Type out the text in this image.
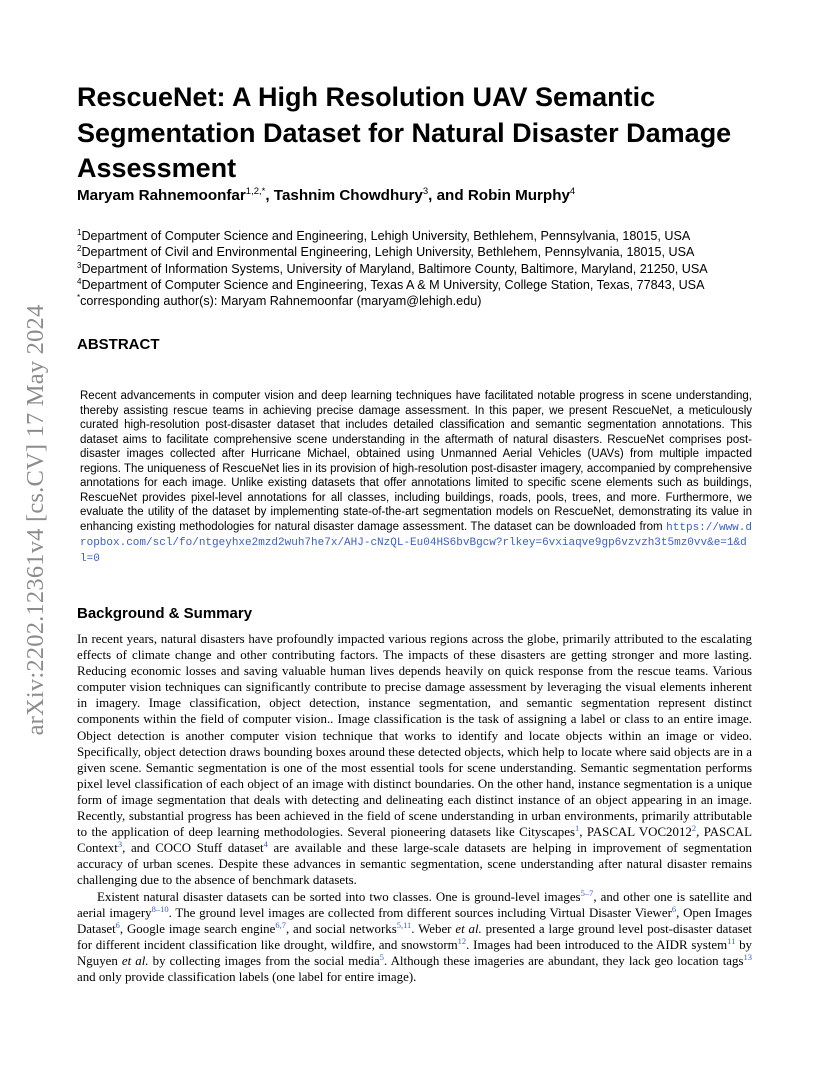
arXiv:2202.12361v4 [cs.CV] 17 May 2024
RescueNet: A High Resolution UAV Semantic Segmentation Dataset for Natural Disaster Damage Assessment
Maryam Rahnemoonfar$^{1,2,*}$, Tashnim Chowdhury$^3$, and Robin Murphy$^4$
$^1$Department of Computer Science and Engineering, Lehigh University, Bethlehem, Pennsylvania, 18015, USA
$^2$Department of Civil and Environmental Engineering, Lehigh University, Bethlehem, Pennsylvania, 18015, USA
$^3$Department of Information Systems, University of Maryland, Baltimore County, Baltimore, Maryland, 21250, USA
$^4$Department of Computer Science and Engineering, Texas A & M University, College Station, Texas, 77843, USA
*corresponding author(s): Maryam Rahnemoonfar (maryam@lehigh.edu)
ABSTRACT

Recent advancements in computer vision and deep learning techniques have facilitated notable progress in scene understanding, thereby assisting rescue teams in achieving precise damage assessment. In this paper, we present RescueNet, a meticulously curated high-resolution post-disaster dataset that includes detailed classification and semantic segmentation annotations. This dataset aims to facilitate comprehensive scene understanding in the aftermath of natural disasters. RescueNet comprises post-disaster images collected after Hurricane Michael, obtained using Unmanned Aerial Vehicles (UAVs) from multiple impacted regions. The uniqueness of RescueNet lies in its provision of high-resolution post-disaster imagery, accompanied by comprehensive annotations for each image. Unlike existing datasets that offer annotations limited to specific scene elements such as buildings, RescueNet provides pixel-level annotations for all classes, including buildings, roads, pools, trees, and more. Furthermore, we evaluate the utility of the dataset by implementing state-of-the-art segmentation models on RescueNet, demonstrating its value in enhancing existing methodologies for natural disaster damage assessment. The dataset can be downloaded from https://www.dropbox.com/scl/fo/ntgeyhxe2mzd2wuh7he7x/AHJ-cNzQL-Eu04HS6bvBgcw?rlkey=6vxiaqve9gp6vzvzh3t5mz0vv&e=1&dl=0

Background & Summary

In recent years, natural disasters have profoundly impacted various regions across the globe, primarily attributed to the escalating effects of climate change and other contributing factors. The impacts of these disasters are getting stronger and more lasting. Reducing economic losses and saving valuable human lives depends heavily on quick response from the rescue teams. Various computer vision techniques can significantly contribute to precise damage assessment by leveraging the visual elements inherent in imagery. Image classification, object detection, instance segmentation, and semantic segmentation represent distinct components within the field of computer vision.. Image classification is the task of assigning a label or class to an entire image. Object detection is another computer vision technique that works to identify and locate objects within an image or video. Specifically, object detection draws bounding boxes around these detected objects, which help to locate where said objects are in a given scene. Semantic segmentation is one of the most essential tools for scene understanding. Semantic segmentation performs pixel level classification of each object of an image with distinct boundaries. On the other hand, instance segmentation is a unique form of image segmentation that deals with detecting and delineating each distinct instance of an object appearing in an image. Recently, substantial progress has been achieved in the field of scene understanding in urban environments, primarily attributable to the application of deep learning methodologies. Several pioneering datasets like Cityscapes$^1$, PASCAL VOC2012$^2$, PASCAL Context$^3$, and COCO Stuff dataset$^4$ are available and these large-scale datasets are helping in improvement of segmentation accuracy of urban scenes. Despite these advances in semantic segmentation, scene understanding after natural disaster remains challenging due to the absence of benchmark datasets.

Existent natural disaster datasets can be sorted into two classes. One is ground-level images$^{5-7}$, and other one is satellite and aerial imagery$^{8-10}$. The ground level images are collected from different sources including Virtual Disaster Viewer$^6$, Open Images Dataset$^6$, Google image search engine$^{6,7}$, and social networks$^{5,11}$. Weber et al. presented a large ground level post-disaster dataset for different incident classification like drought, wildfire, and snowstorm$^{12}$. Images had been introduced to the AIDR system$^{11}$ by Nguyen et al. by collecting images from the social media$^5$. Although these imageries are abundant, they lack geo location tags$^{13}$ and only provide classification labels (one label for entire image).
